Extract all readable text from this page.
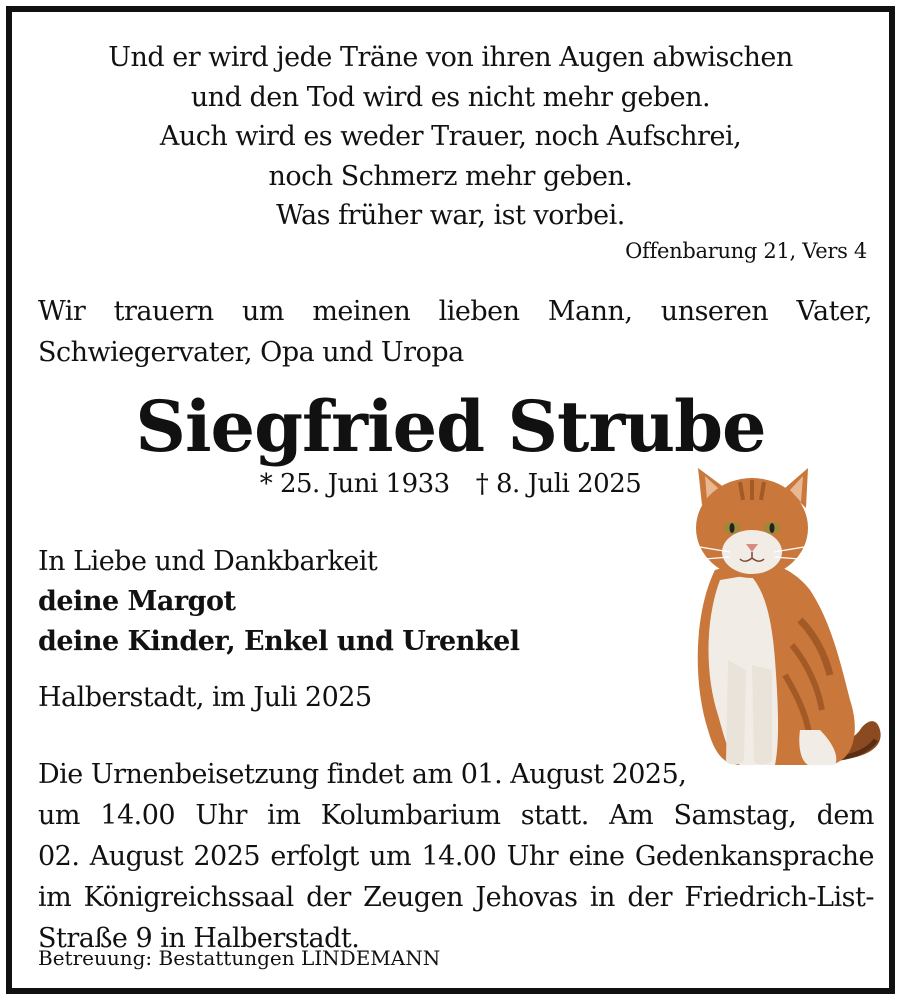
Und er wird jede Träne von ihren Augen abwischen
und den Tod wird es nicht mehr geben.
Auch wird es weder Trauer, noch Aufschrei,
noch Schmerz mehr geben.
Was früher war, ist vorbei.
Offenbarung 21, Vers 4
Wir trauern um meinen lieben Mann, unseren Vater,
Schwiegervater, Opa und Uropa
Siegfried Strube
* 25. Juni 1933 † 8. Juli 2025
In Liebe und Dankbarkeit
deine Margot
deine Kinder, Enkel und Urenkel
Halberstadt, im Juli 2025
Die Urnenbeisetzung findet am 01. August 2025,
um 14.00 Uhr im Kolumbarium statt. Am Samstag, dem
02. August 2025 erfolgt um 14.00 Uhr eine Gedenkansprache
im Königreichssaal der Zeugen Jehovas in der Friedrich-List-
Straße 9 in Halberstadt.
Betreuung: Bestattungen LINDEMANN
